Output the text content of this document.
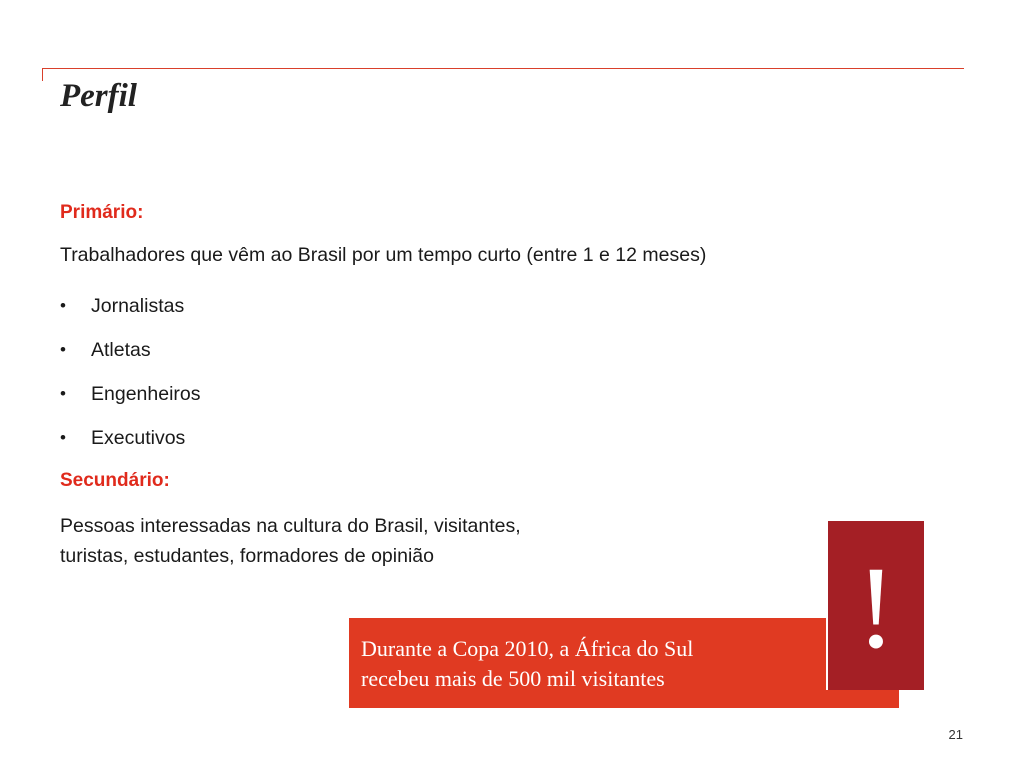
Perfil

Primário:

Trabalhadores que vêm ao Brasil por um tempo curto (entre 1 e 12 meses)

•	Jornalistas
•	Atletas
•	Engenheiros
•	Executivos

Secundário:

Pessoas interessadas na cultura do Brasil, visitantes,

turistas, estudantes, formadores de opinião

Durante a Copa 2010, a África do Sul

recebeu mais de 500 mil visitantes

!
21
